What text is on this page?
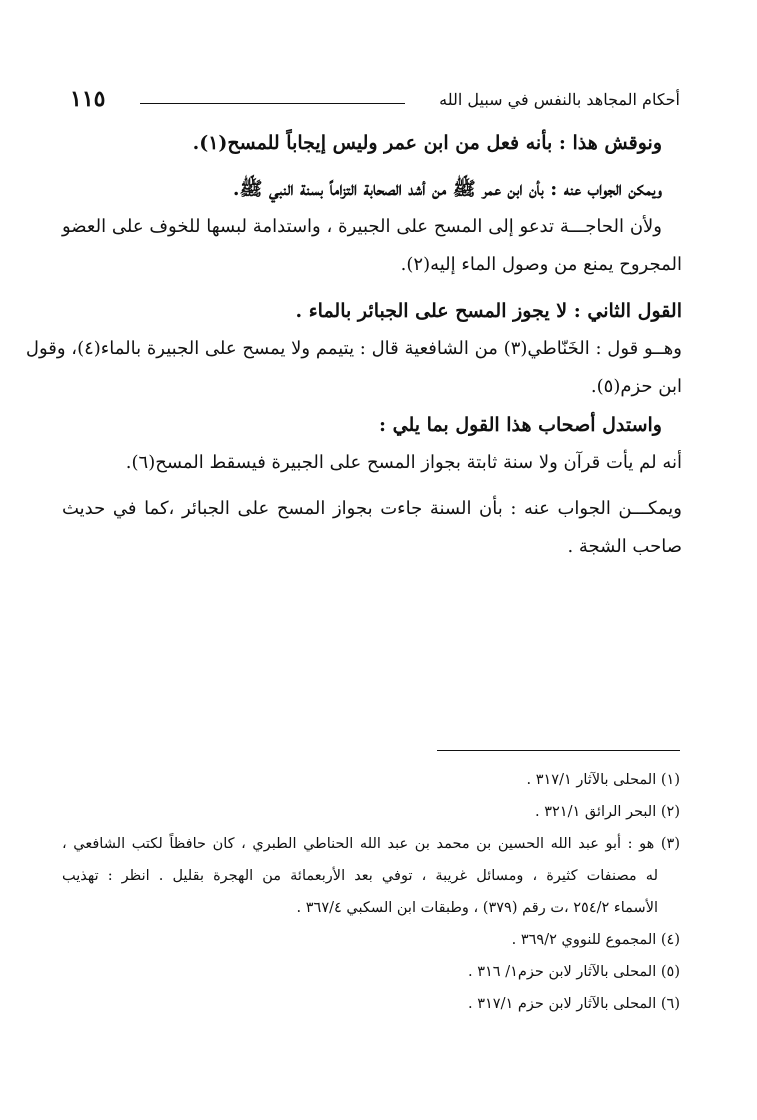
١١٥	أحكام المجاهد بالنفس في سبيل الله

ونوقش هذا : بأنه فعل من ابن عمر وليس إيجاباً للمسح(١).

ويمكن الجواب عنه : بأن ابن عمر ﷺ من أشد الصحابة التزاماً بسنة النبي ﷺ.

ولأن الحاجـــة تدعو إلى المسح على الجبيرة ، واستدامة لبسها للخوف على العضو

المجروح يمنع من وصول الماء إليه(٢).

القول الثاني : لا يجوز المسح على الجبائر بالماء .

وهــو قول : الخَنّاطي(٣) من الشافعية قال : يتيمم ولا يمسح على الجبيرة بالماء(٤)، وقول

ابن حزم(٥).

واستدل أصحاب هذا القول بما يلي :

أنه لم يأت قرآن ولا سنة ثابتة بجواز المسح على الجبيرة فيسقط المسح(٦).

ويمكـــن الجواب عنه : بأن السنة جاءت بجواز المسح على الجبائر ،كما في حديث

صاحب الشجة .

(١) المحلى بالآثار ٣١٧/١ .

(٢) البحر الرائق ٣٢١/١ .

(٣) هو : أبو عبد الله الحسين بن محمد بن عبد الله الحناطي الطبري ، كان حافظاً لكتب الشافعي ،

له مصنفات كثيرة ، ومسائل غريبة ، توفي بعد الأربعمائة من الهجرة بقليل . انظر : تهذيب

الأسماء ٢٥٤/٢ ،ت رقم (٣٧٩) ، وطبقات ابن السكبي ٣٦٧/٤ .

(٤) المجموع للنووي ٣٦٩/٢ .

(٥) المحلى بالآثار لابن حزم١/ ٣١٦ .

(٦) المحلى بالآثار لابن حزم ٣١٧/١ .
